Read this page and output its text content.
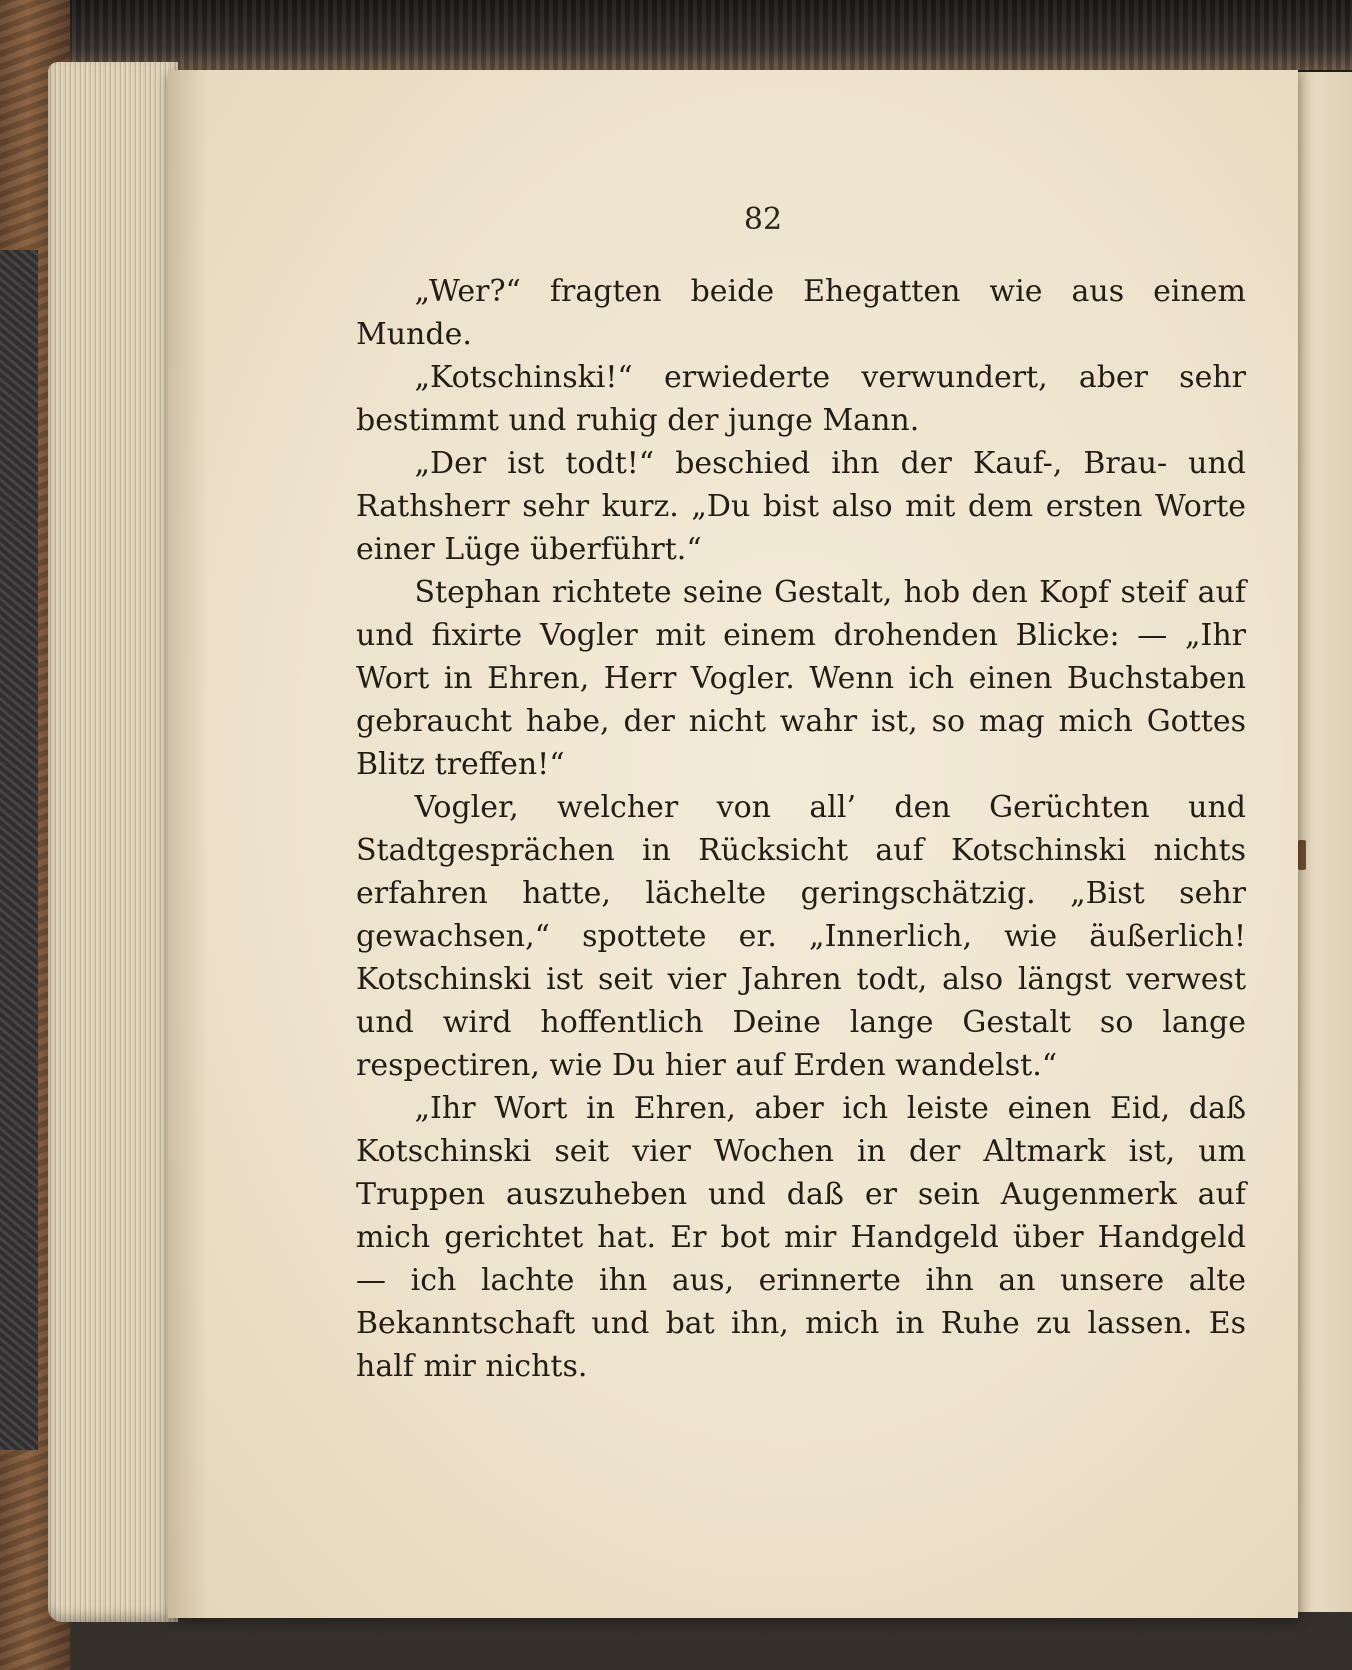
82

„Wer?“ fragten beide Ehegatten wie aus einem Munde.

„Kotschinski!“ erwiederte verwundert, aber sehr bestimmt und ruhig der junge Mann.

„Der ist todt!“ beschied ihn der Kauf-, Brau- und Rathsherr sehr kurz. „Du bist also mit dem ersten Worte einer Lüge überführt.“

Stephan richtete seine Gestalt, hob den Kopf steif auf und fixirte Vogler mit einem drohenden Blicke: — „Ihr Wort in Ehren, Herr Vogler. Wenn ich einen Buchstaben gebraucht habe, der nicht wahr ist, so mag mich Gottes Blitz treffen!“

Vogler, welcher von all’ den Gerüchten und Stadtgesprächen in Rücksicht auf Kotschinski nichts erfahren hatte, lächelte geringschätzig. „Bist sehr gewachsen,“ spottete er. „Innerlich, wie äußerlich! Kotschinski ist seit vier Jahren todt, also längst verwest und wird hoffentlich Deine lange Gestalt so lange respectiren, wie Du hier auf Erden wandelst.“

„Ihr Wort in Ehren, aber ich leiste einen Eid, daß Kotschinski seit vier Wochen in der Altmark ist, um Truppen auszuheben und daß er sein Augenmerk auf mich gerichtet hat. Er bot mir Handgeld über Handgeld — ich lachte ihn aus, erinnerte ihn an unsere alte Bekanntschaft und bat ihn, mich in Ruhe zu lassen. Es half mir nichts.
